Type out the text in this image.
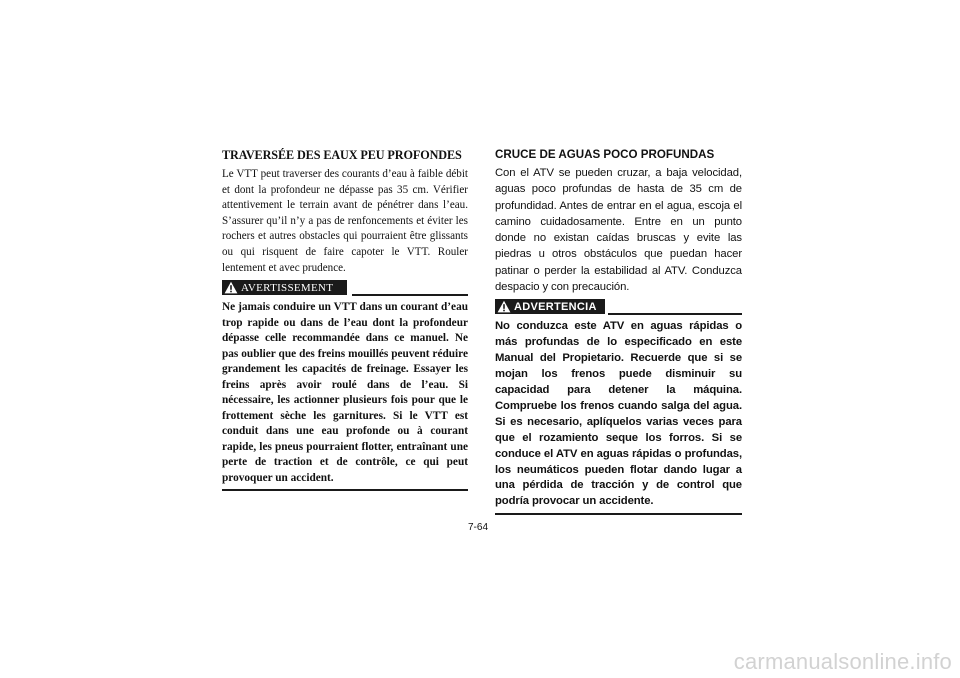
TRAVERSÉE DES EAUX PEU PROFONDES

Le VTT peut traverser des courants d’eau à faible débit et dont la profondeur ne dépasse pas 35 cm. Vérifier attentivement le terrain avant de pénétrer dans l’eau. S’assurer qu’il n’y a pas de renfoncements et éviter les rochers et autres obstacles qui pourraient être glissants ou qui risquent de faire capoter le VTT. Rouler lentement et avec prudence.

AVERTISSEMENT

Ne jamais conduire un VTT dans un courant d’eau trop rapide ou dans de l’eau dont la profondeur dépasse celle recommandée dans ce manuel. Ne pas oublier que des freins mouillés peuvent réduire grandement les capacités de freinage. Essayer les freins après avoir roulé dans de l’eau. Si nécessaire, les actionner plusieurs fois pour que le frottement sèche les garnitures. Si le VTT est conduit dans une eau profonde ou à courant rapide, les pneus pourraient flotter, entraînant une perte de traction et de contrôle, ce qui peut provoquer un accident.

CRUCE DE AGUAS POCO PROFUNDAS

Con el ATV se pueden cruzar, a baja velocidad, aguas poco profundas de hasta de 35 cm de profundidad. Antes de entrar en el agua, escoja el camino cuidadosamente. Entre en un punto donde no existan caídas bruscas y evite las piedras u otros obstáculos que puedan hacer patinar o perder la estabilidad al ATV. Conduzca despacio y con precaución.

ADVERTENCIA

No conduzca este ATV en aguas rápidas o más profundas de lo especificado en este Manual del Propietario. Recuerde que si se mojan los frenos puede disminuir su capacidad para detener la máquina. Compruebe los frenos cuando salga del agua. Si es necesario, aplíquelos varias veces para que el rozamiento seque los forros. Si se conduce el ATV en aguas rápidas o profundas, los neumáticos pueden flotar dando lugar a una pérdida de tracción y de control que podría provocar un accidente.

7-64
carmanualsonline.info
